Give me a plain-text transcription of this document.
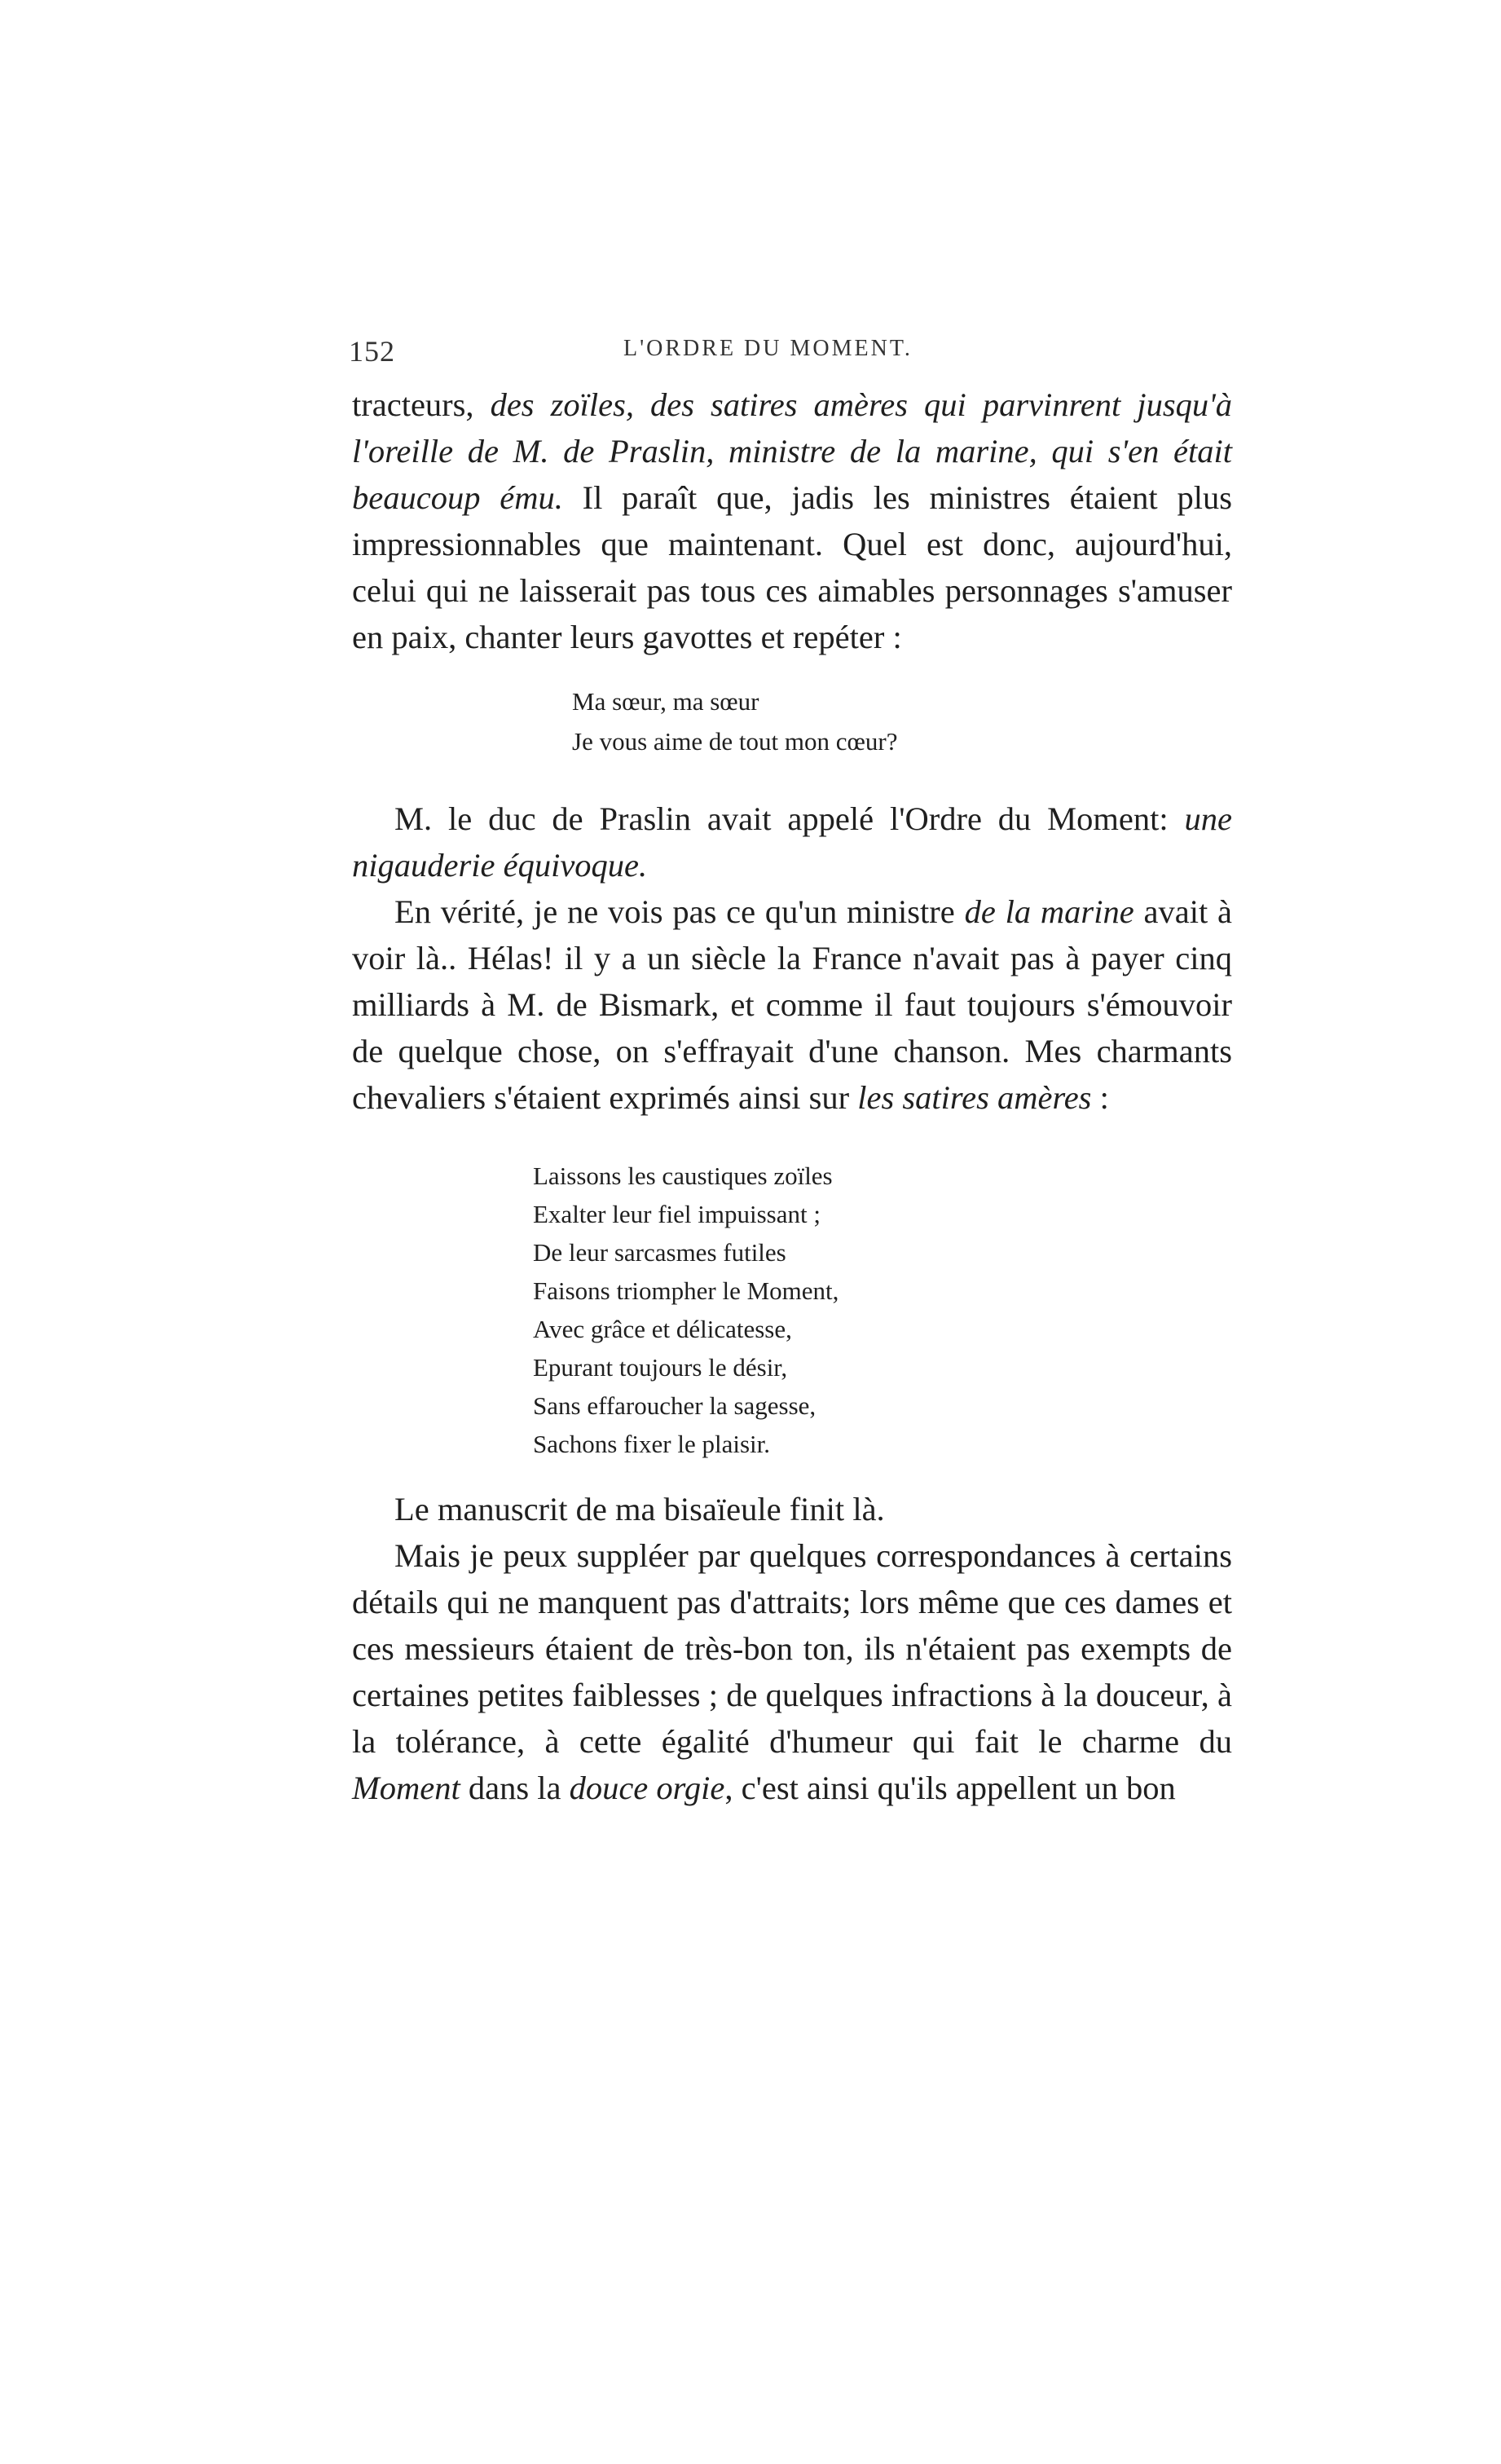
152	L'ORDRE DU MOMENT.

tracteurs, des zoïles, des satires amères qui parvinrent jusqu'à l'oreille de M. de Praslin, ministre de la marine, qui s'en était beaucoup ému. Il paraît que, jadis les ministres étaient plus impressionnables que maintenant. Quel est donc, aujourd'hui, celui qui ne laisserait pas tous ces aimables personnages s'amuser en paix, chanter leurs gavottes et repéter :

Ma sœur, ma sœur
Je vous aime de tout mon cœur?

M. le duc de Praslin avait appelé l'Ordre du Moment: une nigauderie équivoque.

En vérité, je ne vois pas ce qu'un ministre de la marine avait à voir là.. Hélas! il y a un siècle la France n'avait pas à payer cinq milliards à M. de Bismark, et comme il faut toujours s'émouvoir de quelque chose, on s'effrayait d'une chanson. Mes charmants chevaliers s'étaient exprimés ainsi sur les satires amères :

Laissons les caustiques zoïles
Exalter leur fiel impuissant ;
De leur sarcasmes futiles
Faisons triompher le Moment,
Avec grâce et délicatesse,
Epurant toujours le désir,
Sans effaroucher la sagesse,
Sachons fixer le plaisir.

Le manuscrit de ma bisaïeule finit là.

Mais je peux suppléer par quelques correspondances à certains détails qui ne manquent pas d'attraits; lors même que ces dames et ces messieurs étaient de très-bon ton, ils n'étaient pas exempts de certaines petites faiblesses ; de quelques infractions à la douceur, à la tolérance, à cette égalité d'humeur qui fait le charme du Moment dans la douce orgie, c'est ainsi qu'ils appellent un bon
